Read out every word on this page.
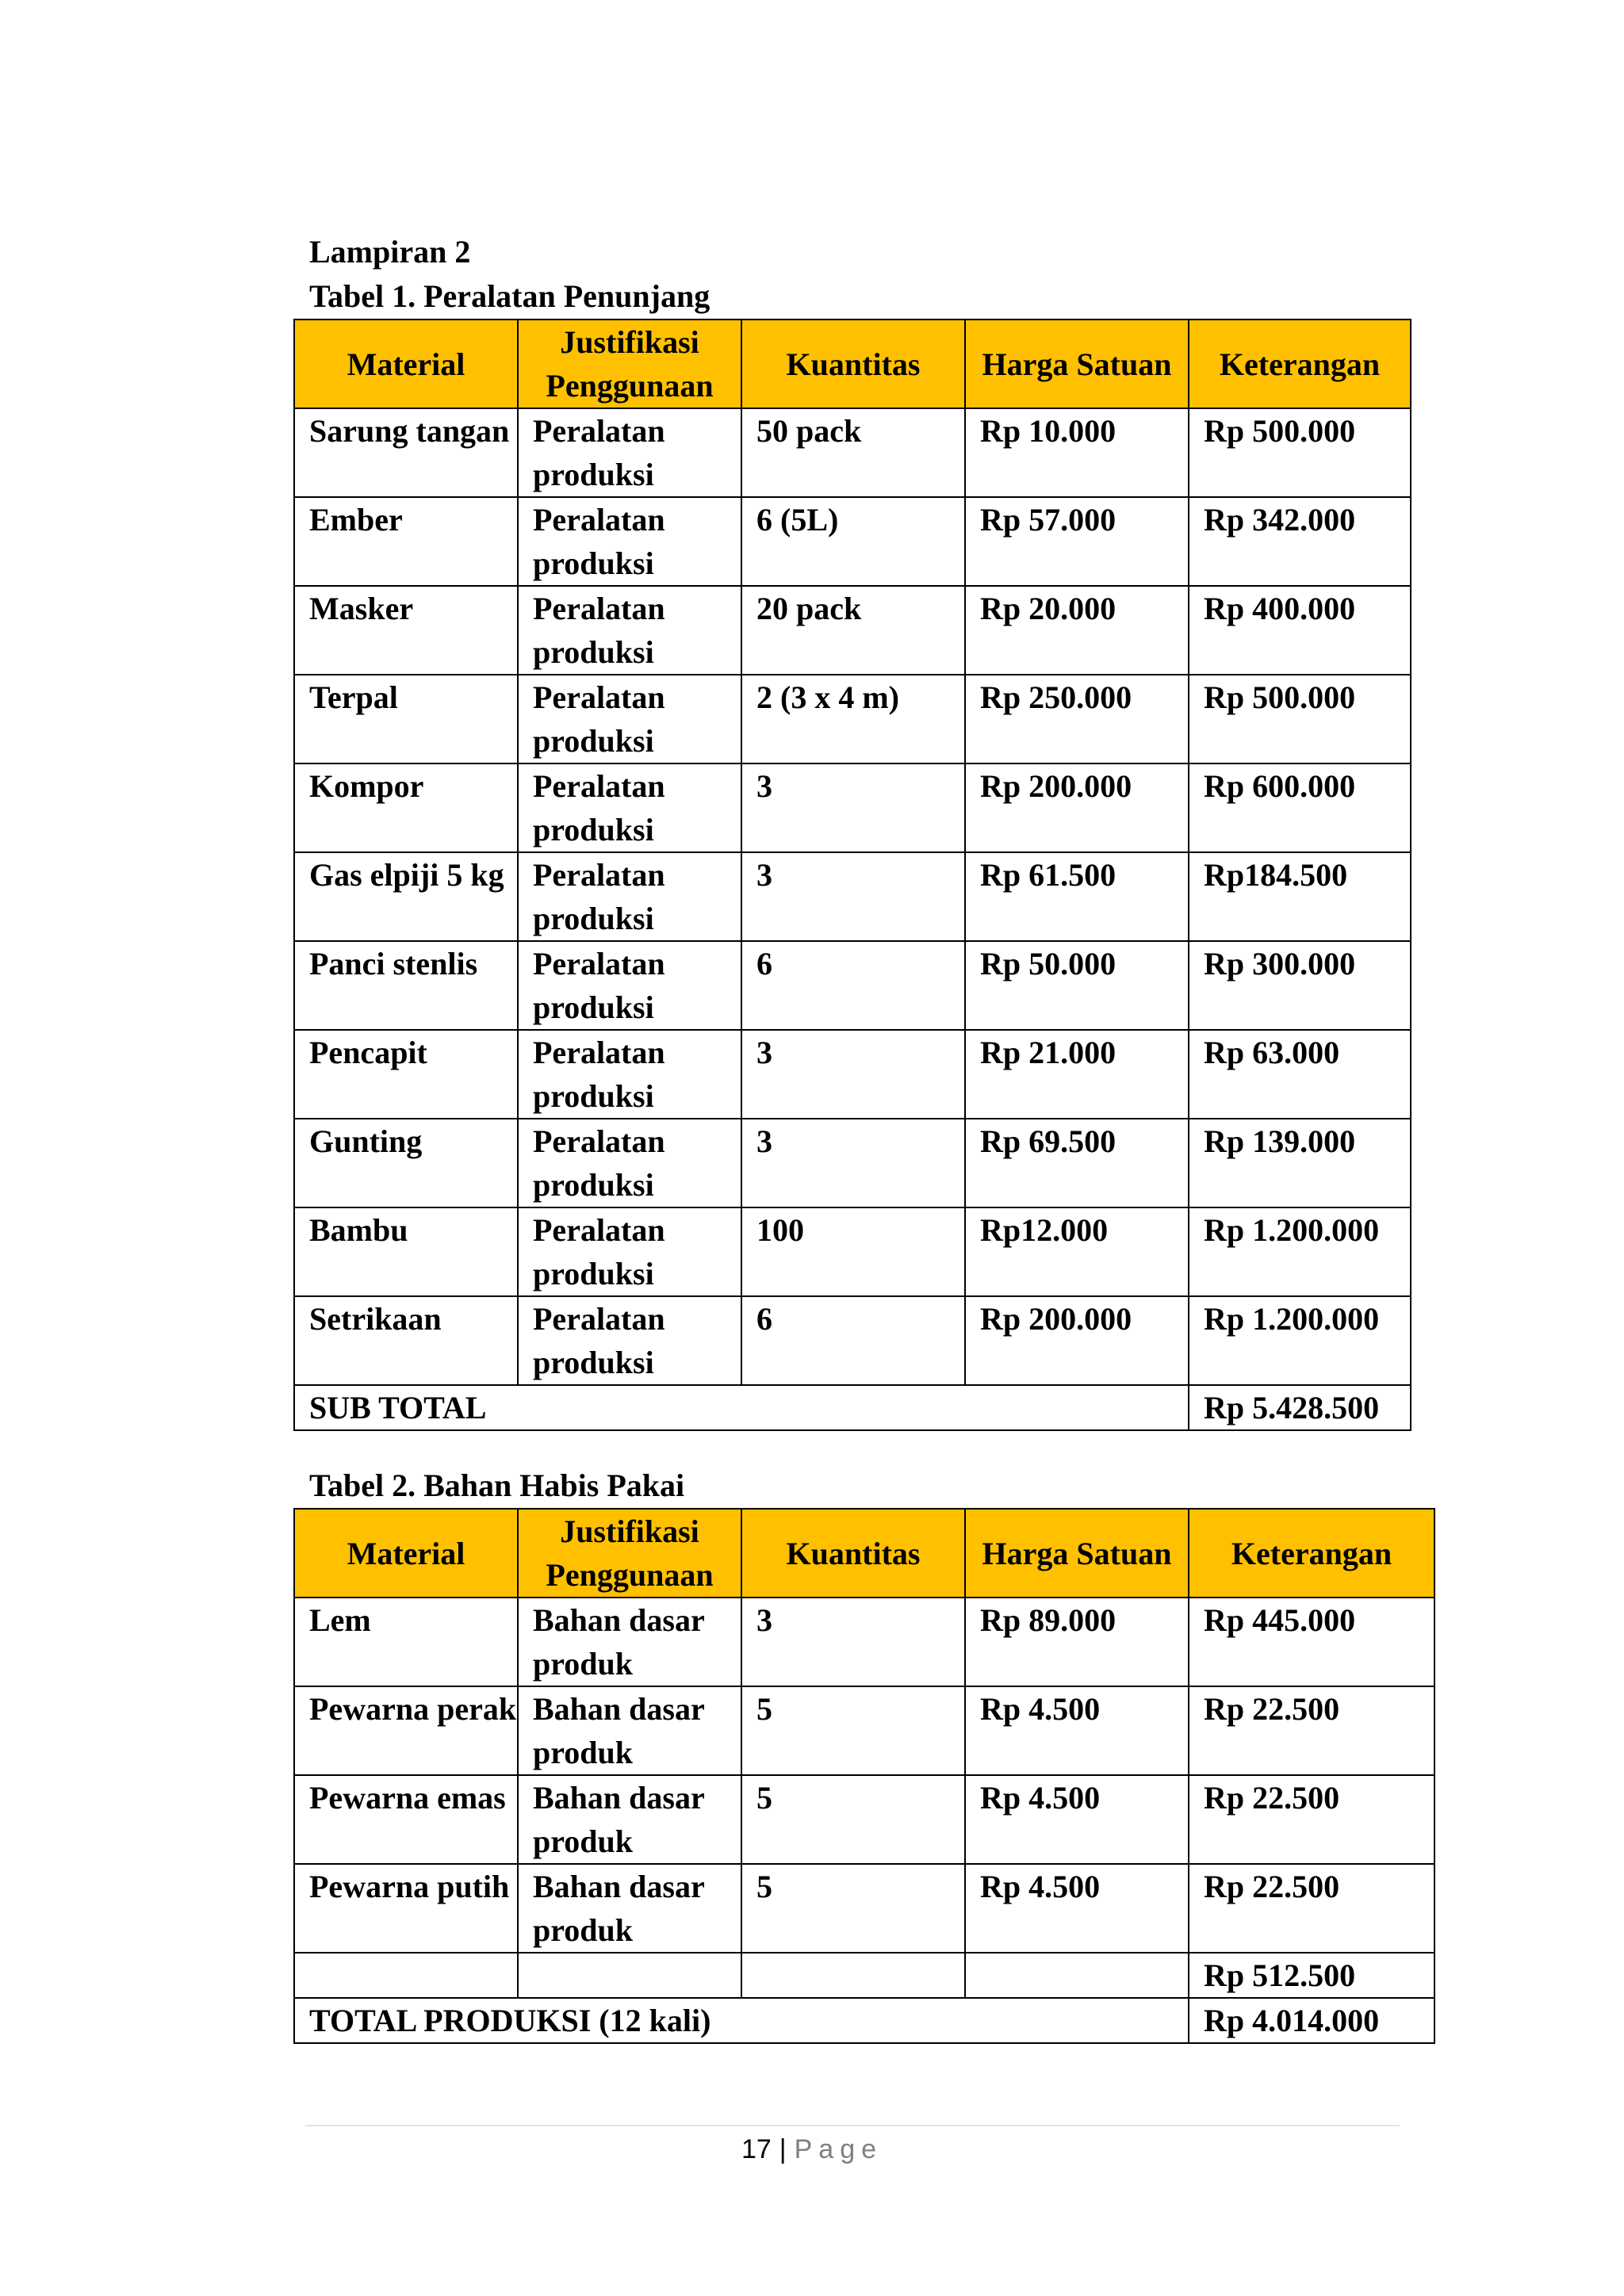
Lampiran 2
Tabel 1. Peralatan Penunjang
Material	Justifikasi Penggunaan	Kuantitas	Harga Satuan	Keterangan
Sarung tangan	Peralatan produksi	50 pack	Rp 10.000	Rp 500.000
Ember	Peralatan produksi	6 (5L)	Rp 57.000	Rp 342.000
Masker	Peralatan produksi	20 pack	Rp 20.000	Rp 400.000
Terpal	Peralatan produksi	2 (3 x 4 m)	Rp 250.000	Rp 500.000
Kompor	Peralatan produksi	3	Rp 200.000	Rp 600.000
Gas elpiji 5 kg	Peralatan produksi	3	Rp 61.500	Rp184.500
Panci stenlis	Peralatan produksi	6	Rp 50.000	Rp 300.000
Pencapit	Peralatan produksi	3	Rp 21.000	Rp 63.000
Gunting	Peralatan produksi	3	Rp 69.500	Rp 139.000
Bambu	Peralatan produksi	100	Rp12.000	Rp 1.200.000
Setrikaan	Peralatan produksi	6	Rp 200.000	Rp 1.200.000
SUB TOTAL				Rp 5.428.500
Tabel 2. Bahan Habis Pakai
Material	Justifikasi Penggunaan	Kuantitas	Harga Satuan	Keterangan
Lem	Bahan dasar produk	3	Rp 89.000	Rp 445.000
Pewarna perak	Bahan dasar produk	5	Rp 4.500	Rp 22.500
Pewarna emas	Bahan dasar produk	5	Rp 4.500	Rp 22.500
Pewarna putih	Bahan dasar produk	5	Rp 4.500	Rp 22.500
				Rp 512.500
TOTAL PRODUKSI (12 kali)				Rp 4.014.000
17 | Page
